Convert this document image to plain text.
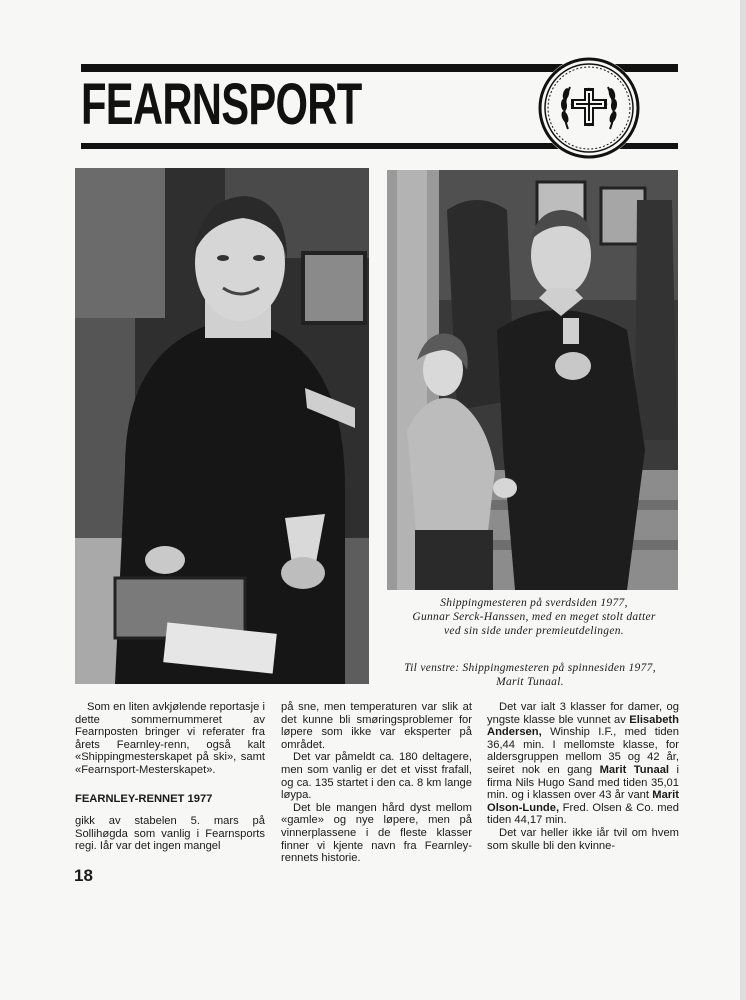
FEARNSPORT
Shippingmesteren på sverdsiden 1977,
Gunnar Serck-Hanssen, med en meget stolt datter
ved sin side under premieutdelingen.
Til venstre: Shippingmesteren på spinnesiden 1977,
Marit Tunaal.

Som en liten avkjølende reportasje i dette sommernummeret av Fearnposten bringer vi referater fra årets Fearnley-renn, også kalt «Shippingmesterskapet på ski», samt «Fearnsport-Mesterskapet».

FEARNLEY-RENNET 1977

gikk av stabelen 5. mars på Sollihøgda som vanlig i Fearnsports regi. Iår var det ingen mangel

på sne, men temperaturen var slik at det kunne bli smøringsproblemer for løpere som ikke var eksperter på området.

Det var påmeldt ca. 180 deltagere, men som vanlig er det et visst frafall, og ca. 135 startet i den ca. 8 km lange løypa.

Det ble mangen hård dyst mellom «gamle» og nye løpere, men på vinnerplassene i de fleste klasser finner vi kjente navn fra Fearnley-rennets historie.

Det var ialt 3 klasser for damer, og yngste klasse ble vunnet av Elisabeth Andersen, Winship I.F., med tiden 36,44 min. I mellomste klasse, for aldersgruppen mellom 35 og 42 år, seiret nok en gang Marit Tunaal i firma Nils Hugo Sand med tiden 35,01 min. og i klassen over 43 år vant Marit Olson-Lunde, Fred. Olsen & Co. med tiden 44,17 min.

Det var heller ikke iår tvil om hvem som skulle bli den kvinne-

18
